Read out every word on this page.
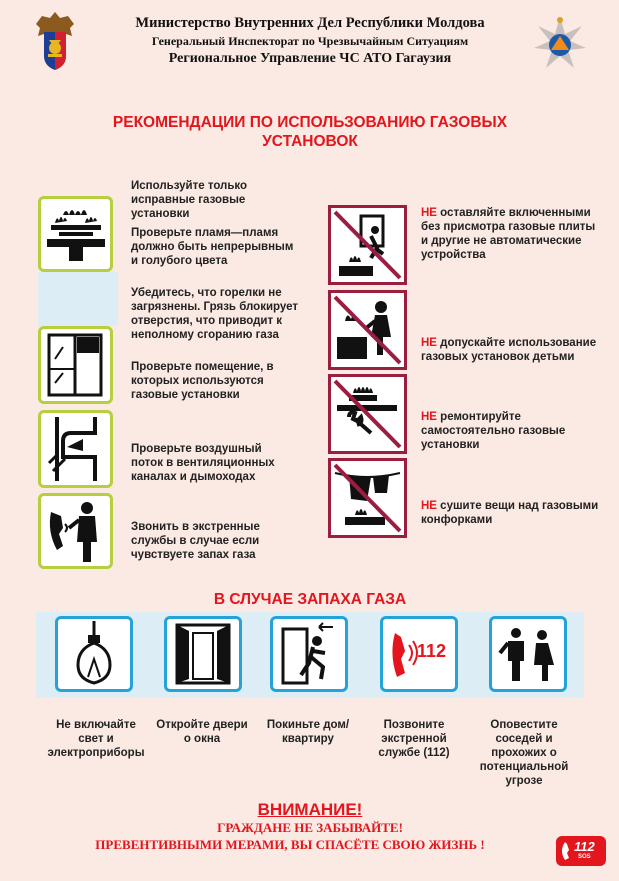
Министерство Внутренних Дел Республики Молдова
Генеральный Инспекторат по Чрезвычайным Ситуациям
Региональное Управление ЧС АТО Гагаузия
РЕКОМЕНДАЦИИ ПО ИСПОЛЬЗОВАНИЮ ГАЗОВЫХ УСТАНОВОК
Используйте только исправные газовые установки
Проверьте пламя—пламя должно быть непрерывным и голубого цвета
Убедитесь, что горелки не загрязнены. Грязь блокирует отверстия, что приводит к неполному сгоранию газа
Проверьте помещение, в которых используются газовые установки
Проверьте воздушный поток в вентиляционных каналах и дымоходах
Звонить в экстренные службы в случае если чувствуете запах газа
НЕ оставляйте включенными без присмотра газовые плиты и другие не автоматические устройства
НЕ допускайте использование газовых установок детьми
НЕ ремонтируйте самостоятельно газовые установки
НЕ сушите вещи над газовыми конфорками
В СЛУЧАЕ ЗАПАХА ГАЗА
112
Не включайте свет и электроприборы
Откройте двери о окна
Покиньте дом/квартиру
Позвоните экстренной службе (112)
Оповестите соседей и прохожих о потенциальной угрозе
ВНИМАНИЕ!
ГРАЖДАНЕ НЕ ЗАБЫВАЙТЕ!
ПРЕВЕНТИВНЫМИ МЕРАМИ, ВЫ СПАСЁТЕ СВОЮ ЖИЗНЬ !	112
SOS
